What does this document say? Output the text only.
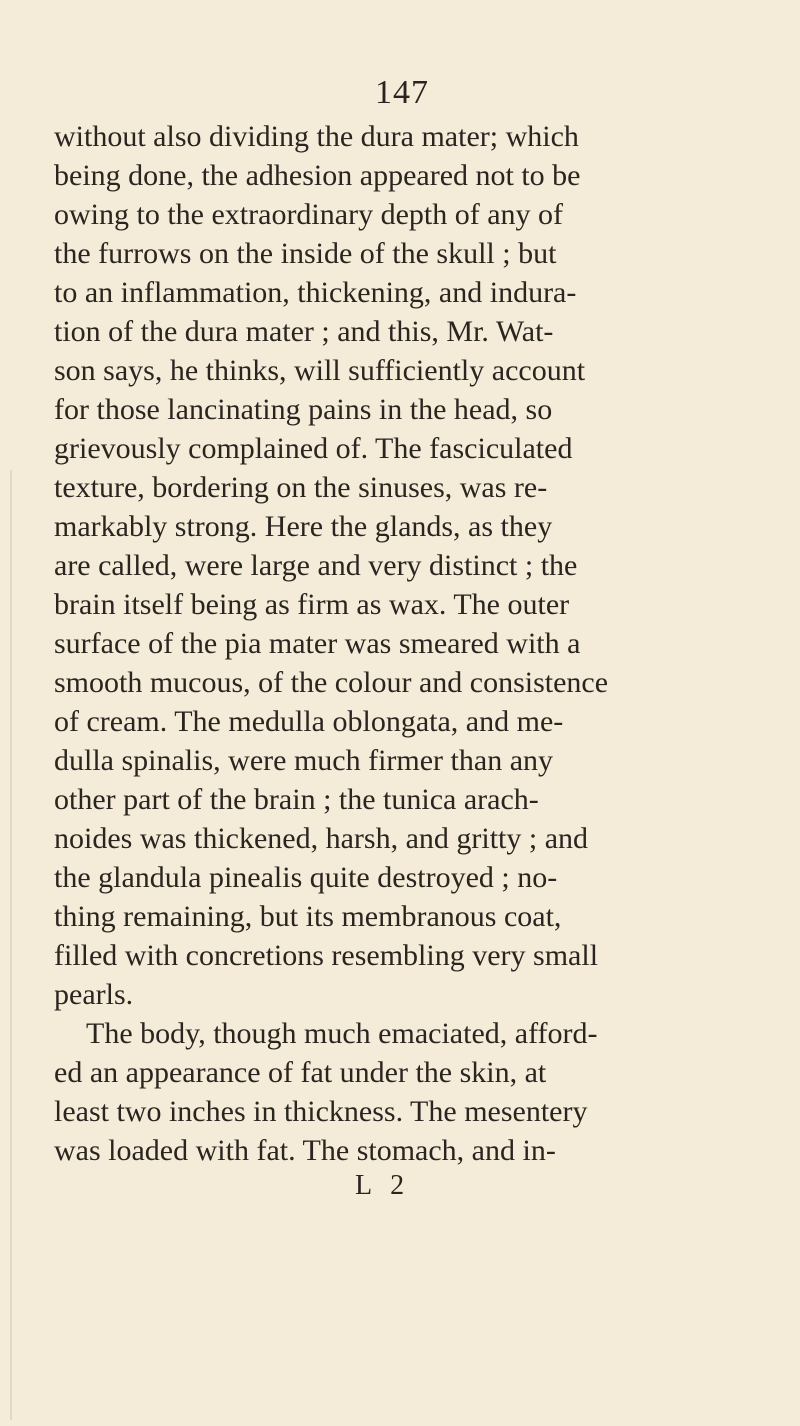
147
without also dividing the dura mater; which
being done, the adhesion appeared not to be
owing to the extraordinary depth of any of
the furrows on the inside of the skull ; but
to an inflammation, thickening, and indura-
tion of the dura mater ; and this, Mr. Wat-
son says, he thinks, will sufficiently account
for those lancinating pains in the head, so
grievously complained of. The fasciculated
texture, bordering on the sinuses, was re-
markably strong. Here the glands, as they
are called, were large and very distinct ; the
brain itself being as firm as wax. The outer
surface of the pia mater was smeared with a
smooth mucous, of the colour and consistence
of cream. The medulla oblongata, and me-
dulla spinalis, were much firmer than any
other part of the brain ; the tunica arach-
noides was thickened, harsh, and gritty ; and
the glandula pinealis quite destroyed ; no-
thing remaining, but its membranous coat,
filled with concretions resembling very small
pearls.
The body, though much emaciated, afford-
ed an appearance of fat under the skin, at
least two inches in thickness. The mesentery
was loaded with fat. The stomach, and in-
L 2
